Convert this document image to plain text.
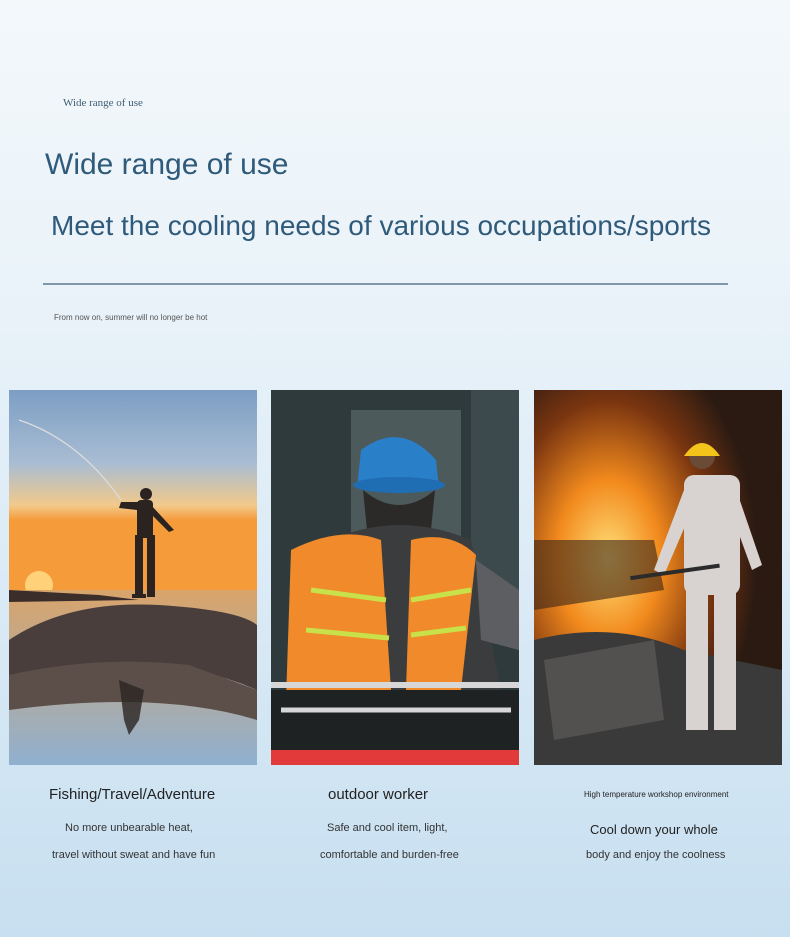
Wide range of use
Wide range of use
Meet the cooling needs of various occupations/sports
From now on, summer will no longer be hot
Fishing/Travel/Adventure
No more unbearable heat,
travel without sweat and have fun
outdoor worker
Safe and cool item, light,
comfortable and burden-free
High temperature workshop environment
Cool down your whole
body and enjoy the coolness
